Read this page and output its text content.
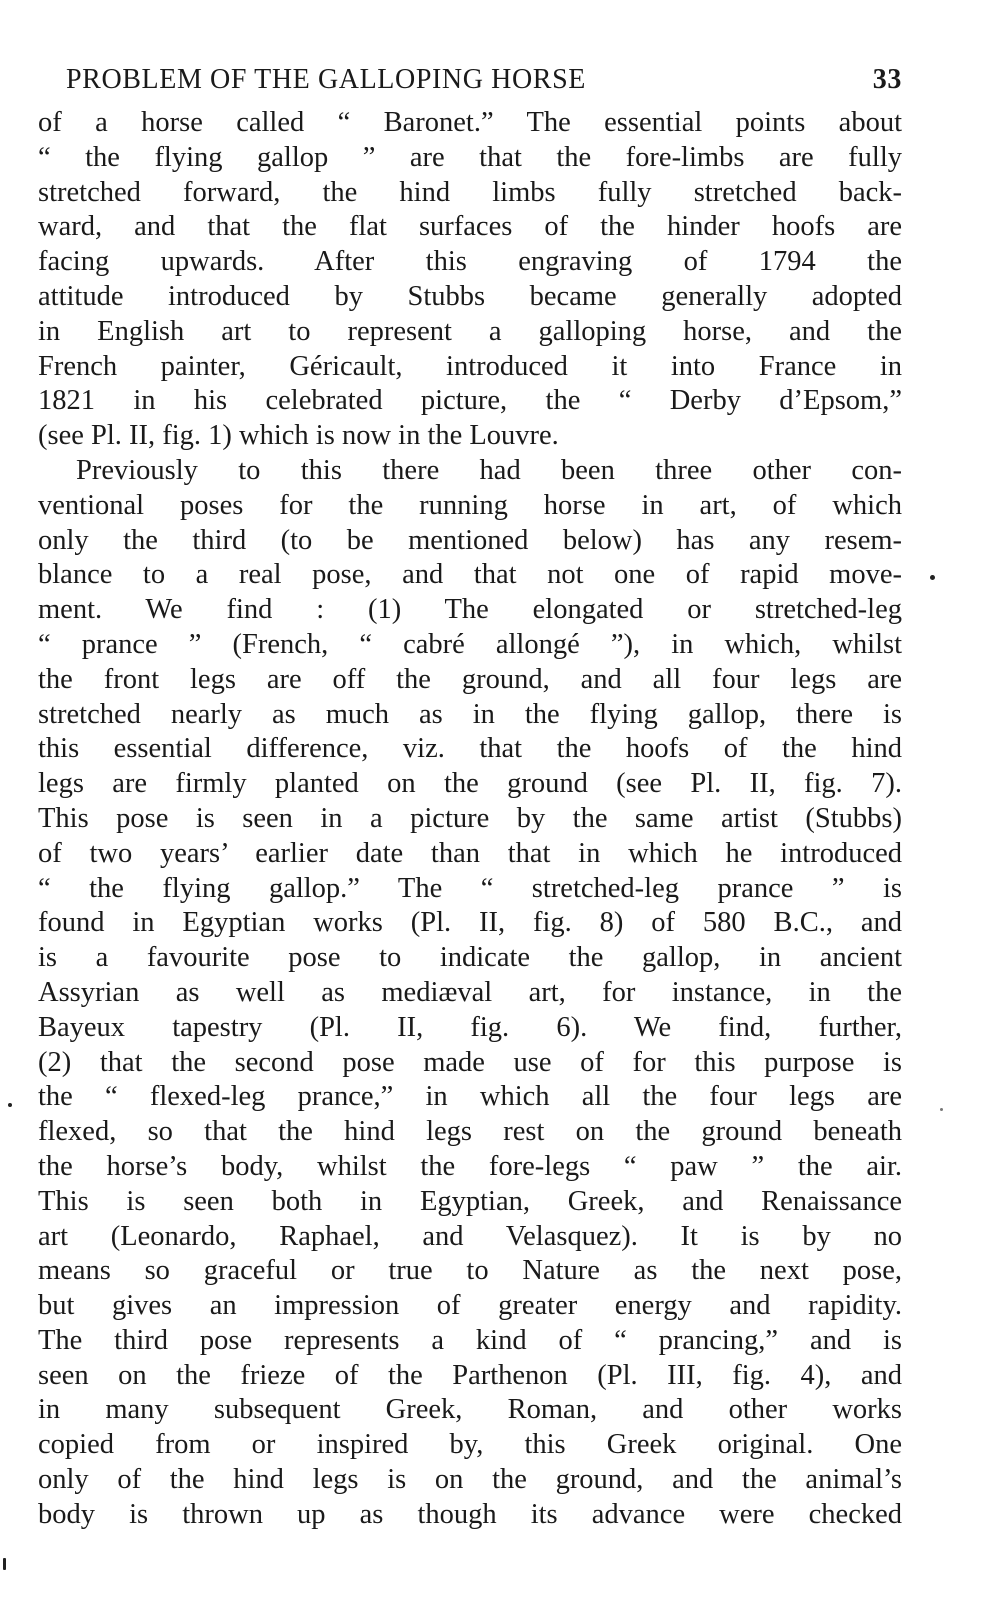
PROBLEM OF THE GALLOPING HORSE	33
of a horse called “ Baronet.” The essential points about
“ the flying gallop ” are that the fore-limbs are fully
stretched forward, the hind limbs fully stretched back-
ward, and that the flat surfaces of the hinder hoofs are
facing upwards. After this engraving of 1794 the
attitude introduced by Stubbs became generally adopted
in English art to represent a galloping horse, and the
French painter, Géricault, introduced it into France in
1821 in his celebrated picture, the “ Derby d’Epsom,”
(see Pl. II, fig. 1) which is now in the Louvre.
Previously to this there had been three other con-
ventional poses for the running horse in art, of which
only the third (to be mentioned below) has any resem-
blance to a real pose, and that not one of rapid move-
ment. We find : (1) The elongated or stretched-leg
“ prance ” (French, “ cabré allongé ”), in which, whilst
the front legs are off the ground, and all four legs are
stretched nearly as much as in the flying gallop, there is
this essential difference, viz. that the hoofs of the hind
legs are firmly planted on the ground (see Pl. II, fig. 7).
This pose is seen in a picture by the same artist (Stubbs)
of two years’ earlier date than that in which he introduced
“ the flying gallop.” The “ stretched-leg prance ” is
found in Egyptian works (Pl. II, fig. 8) of 580 B.C., and
is a favourite pose to indicate the gallop, in ancient
Assyrian as well as mediæval art, for instance, in the
Bayeux tapestry (Pl. II, fig. 6). We find, further,
(2) that the second pose made use of for this purpose is
the “ flexed-leg prance,” in which all the four legs are
flexed, so that the hind legs rest on the ground beneath
the horse’s body, whilst the fore-legs “ paw ” the air.
This is seen both in Egyptian, Greek, and Renaissance
art (Leonardo, Raphael, and Velasquez). It is by no
means so graceful or true to Nature as the next pose,
but gives an impression of greater energy and rapidity.
The third pose represents a kind of “ prancing,” and is
seen on the frieze of the Parthenon (Pl. III, fig. 4), and
in many subsequent Greek, Roman, and other works
copied from or inspired by, this Greek original. One
only of the hind legs is on the ground, and the animal’s
body is thrown up as though its advance were checked
